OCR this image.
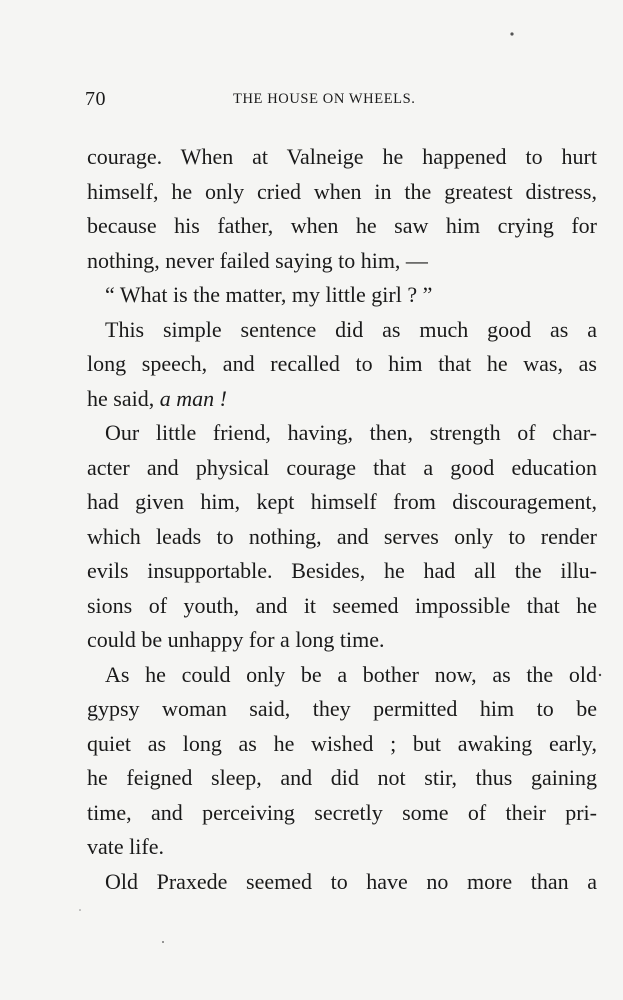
70	THE HOUSE ON WHEELS.
courage. When at Valneige he happened to hurt
himself, he only cried when in the greatest distress,
because his father, when he saw him crying for
nothing, never failed saying to him, —
“ What is the matter, my little girl ? ”
This simple sentence did as much good as a
long speech, and recalled to him that he was, as
he said, a man !
Our little friend, having, then, strength of char-
acter and physical courage that a good education
had given him, kept himself from discouragement,
which leads to nothing, and serves only to render
evils insupportable. Besides, he had all the illu-
sions of youth, and it seemed impossible that he
could be unhappy for a long time.
As he could only be a bother now, as the old
gypsy woman said, they permitted him to be
quiet as long as he wished ; but awaking early,
he feigned sleep, and did not stir, thus gaining
time, and perceiving secretly some of their pri-
vate life.
Old Praxede seemed to have no more than a
